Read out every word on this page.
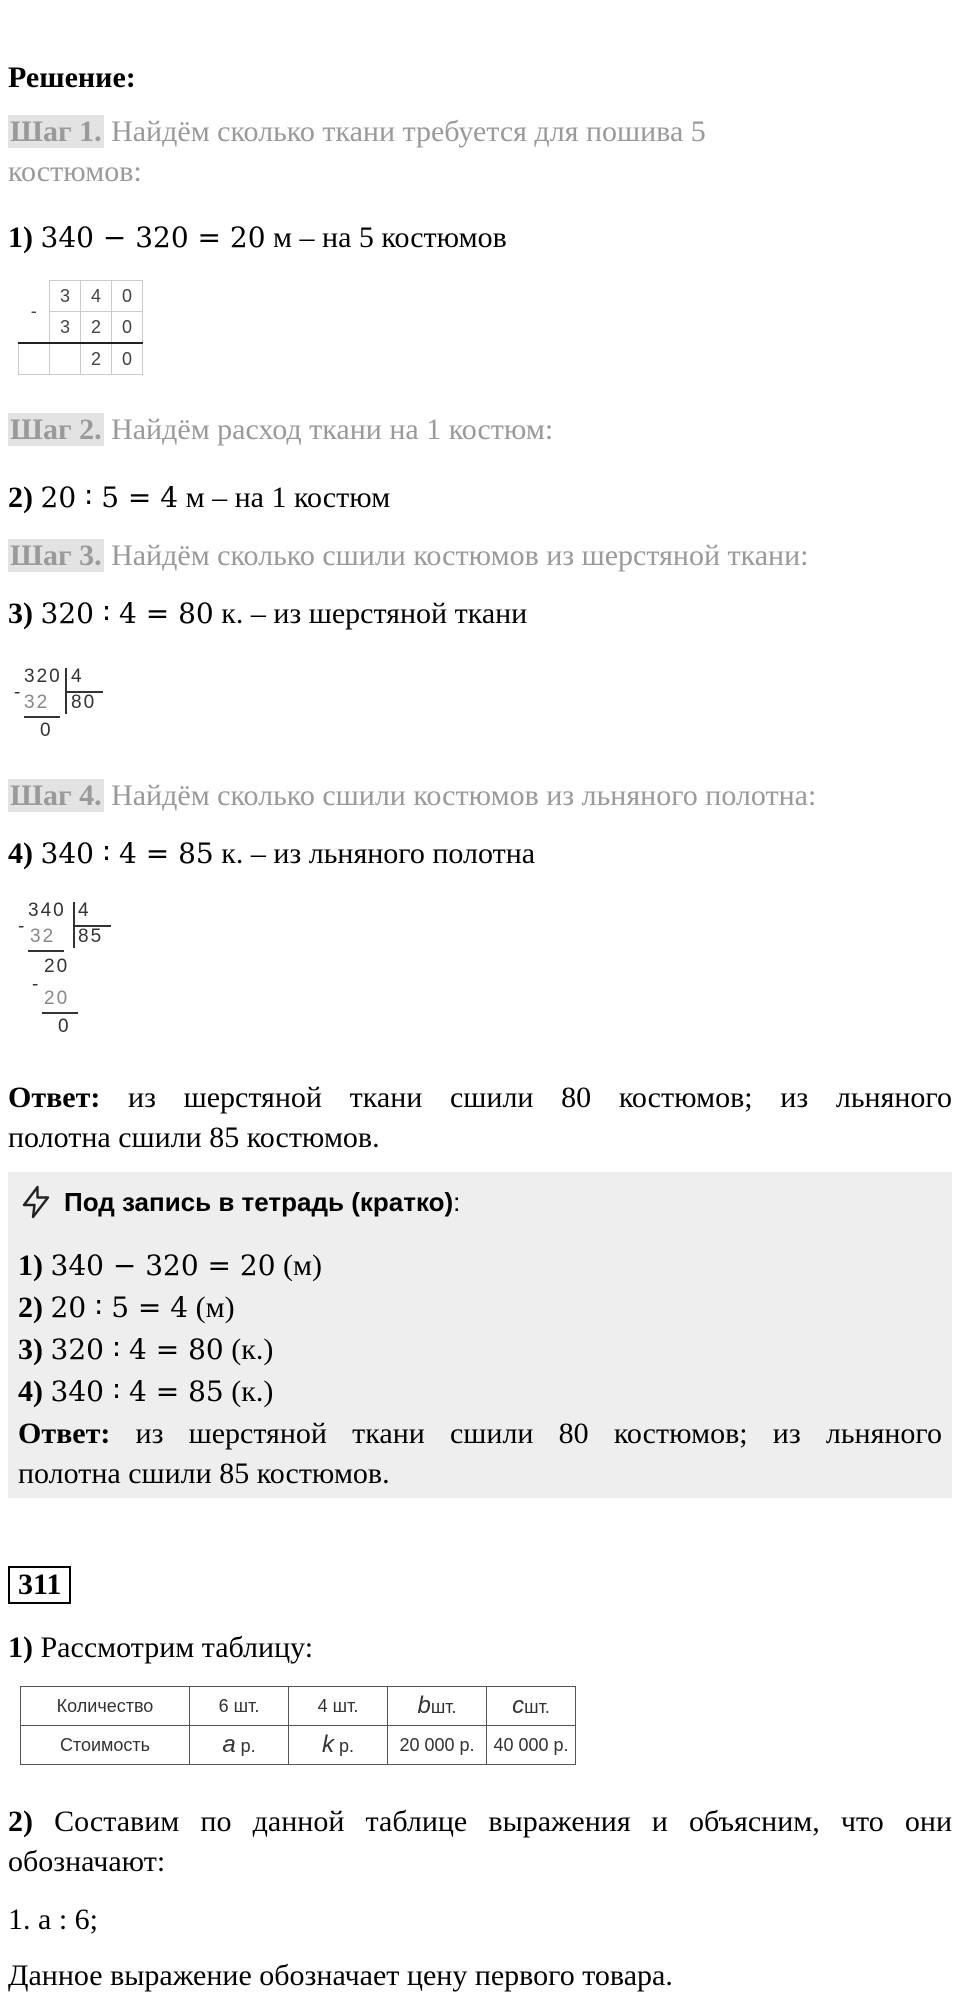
Решение:
Шаг 1. Найдём сколько ткани требуется для пошива 5
костюмов:
1) 340 − 320 = 20 м – на 5 костюмов
-	3	4	0
	3	2	0
		2	0
Шаг 2. Найдём расход ткани на 1 костюм:
2) 20 ∶ 5 = 4 м – на 1 костюм
Шаг 3. Найдём сколько сшили костюмов из шерстяной ткани:
3) 320 ∶ 4 = 80 к. – из шерстяной ткани
-
320 4
80
32
0
Шаг 4. Найдём сколько сшили костюмов из льняного полотна:
4) 340 ∶ 4 = 85 к. – из льняного полотна
-
340 4
85
32
20
-
20
0
Ответ: из шерстяной ткани сшили 80 костюмов; из льняного
полотна сшили 85 костюмов.
Под запись в тетрадь (кратко):
1) 340 − 320 = 20 (м)
2) 20 ∶ 5 = 4 (м)
3) 320 ∶ 4 = 80 (к.)
4) 340 ∶ 4 = 85 (к.)
Ответ: из шерстяной ткани сшили 80 костюмов; из льняного
полотна сшили 85 костюмов.
311
1) Рассмотрим таблицу:
Количество	6 шт.	4 шт.	bшт.	cшт.
Стоимость	a р.	k р.	20 000 р.	40 000 р.
2) Составим по данной таблице выражения и объясним, что они
обозначают:
1. a : 6;
Данное выражение обозначает цену первого товара.
